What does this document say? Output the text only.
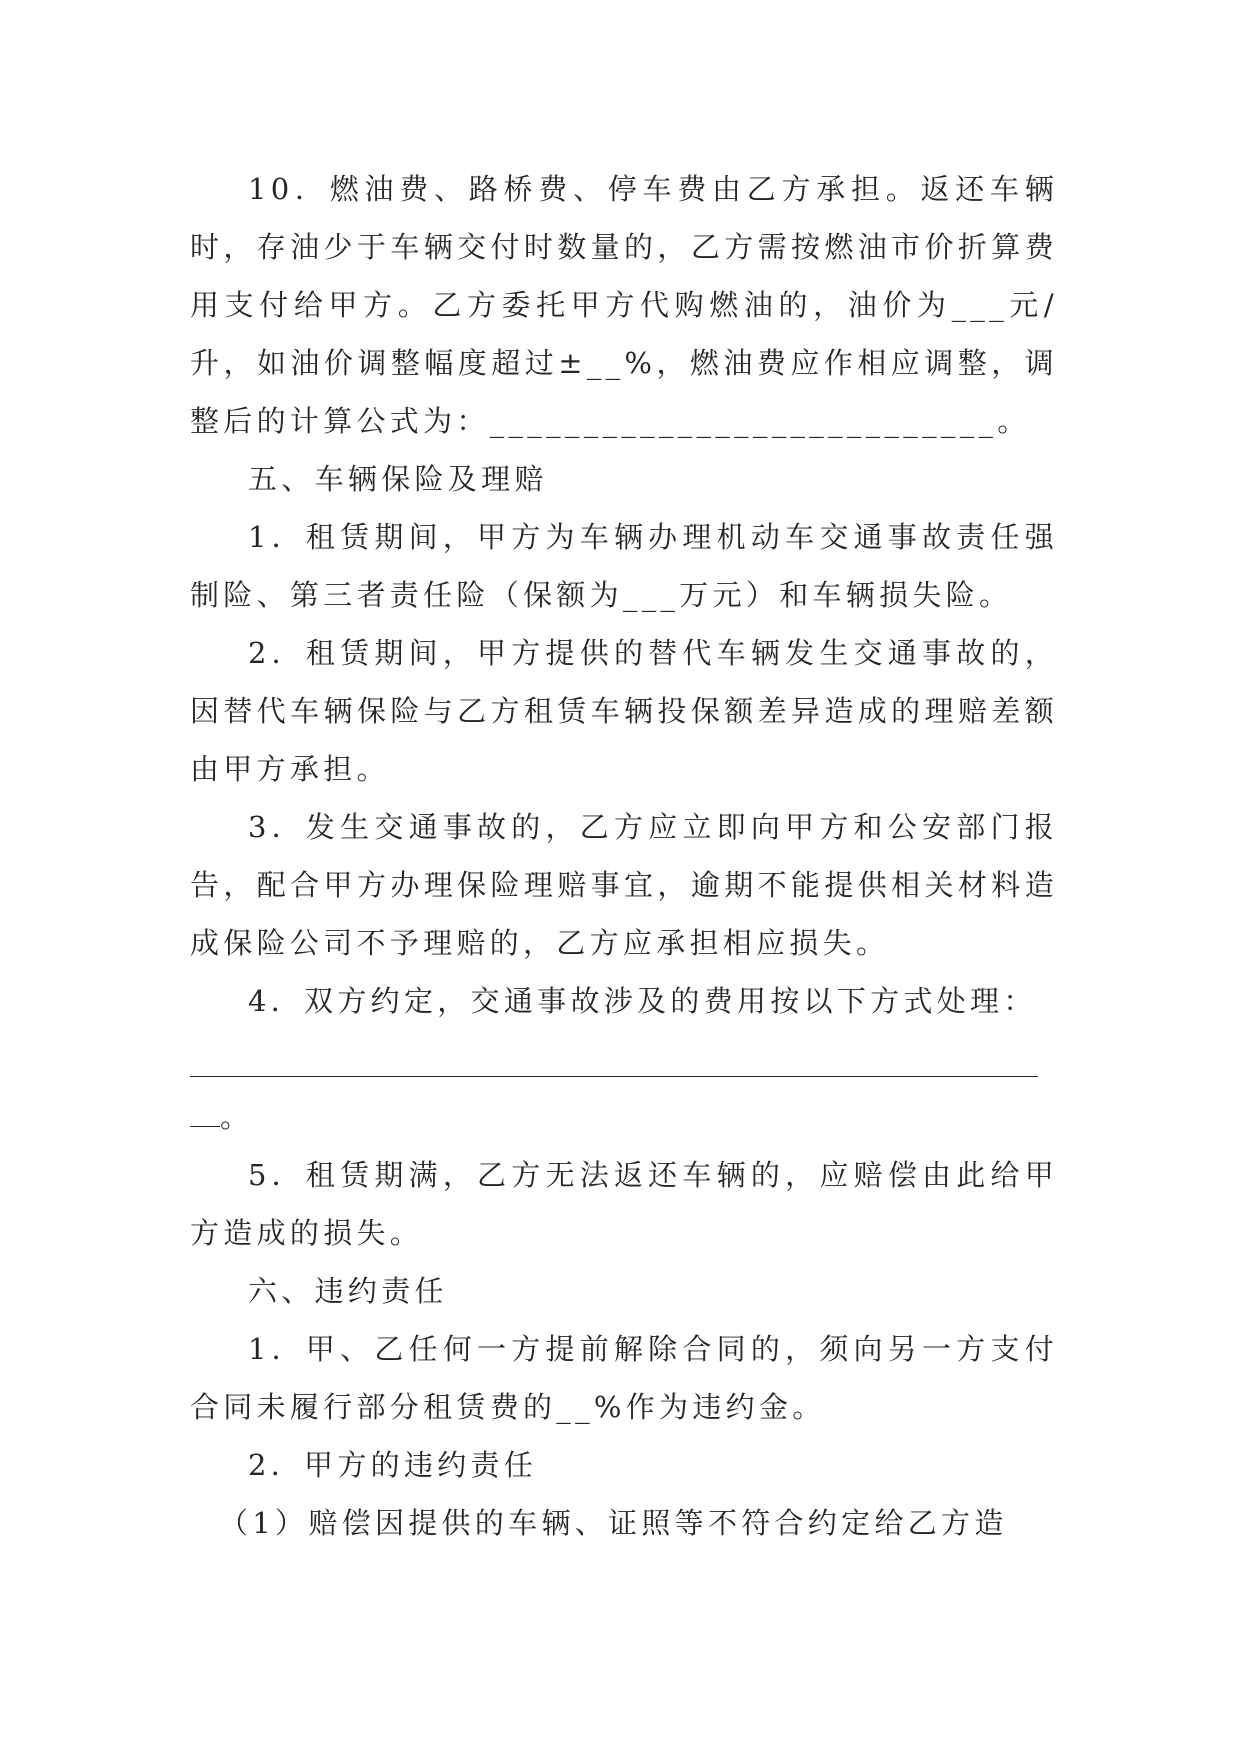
10．燃油费、路桥费、停车费由乙方承担。返还车辆时，存油少于车辆交付时数量的，乙方需按燃油市价折算费用支付给甲方。乙方委托甲方代购燃油的，油价为___元/升，如油价调整幅度超过±__%，燃油费应作相应调整，调整后的计算公式为：___________________________。

五、车辆保险及理赔

1．租赁期间，甲方为车辆办理机动车交通事故责任强制险、第三者责任险（保额为___万元）和车辆损失险。

2．租赁期间，甲方提供的替代车辆发生交通事故的，因替代车辆保险与乙方租赁车辆投保额差异造成的理赔差额由甲方承担。

3．发生交通事故的，乙方应立即向甲方和公安部门报告，配合甲方办理保险理赔事宜，逾期不能提供相关材料造成保险公司不予理赔的，乙方应承担相应损失。

4．双方约定，交通事故涉及的费用按以下方式处理：

。

5．租赁期满，乙方无法返还车辆的，应赔偿由此给甲方造成的损失。

六、违约责任

1．甲、乙任何一方提前解除合同的，须向另一方支付合同未履行部分租赁费的__%作为违约金。

2．甲方的违约责任

（1）赔偿因提供的车辆、证照等不符合约定给乙方造
